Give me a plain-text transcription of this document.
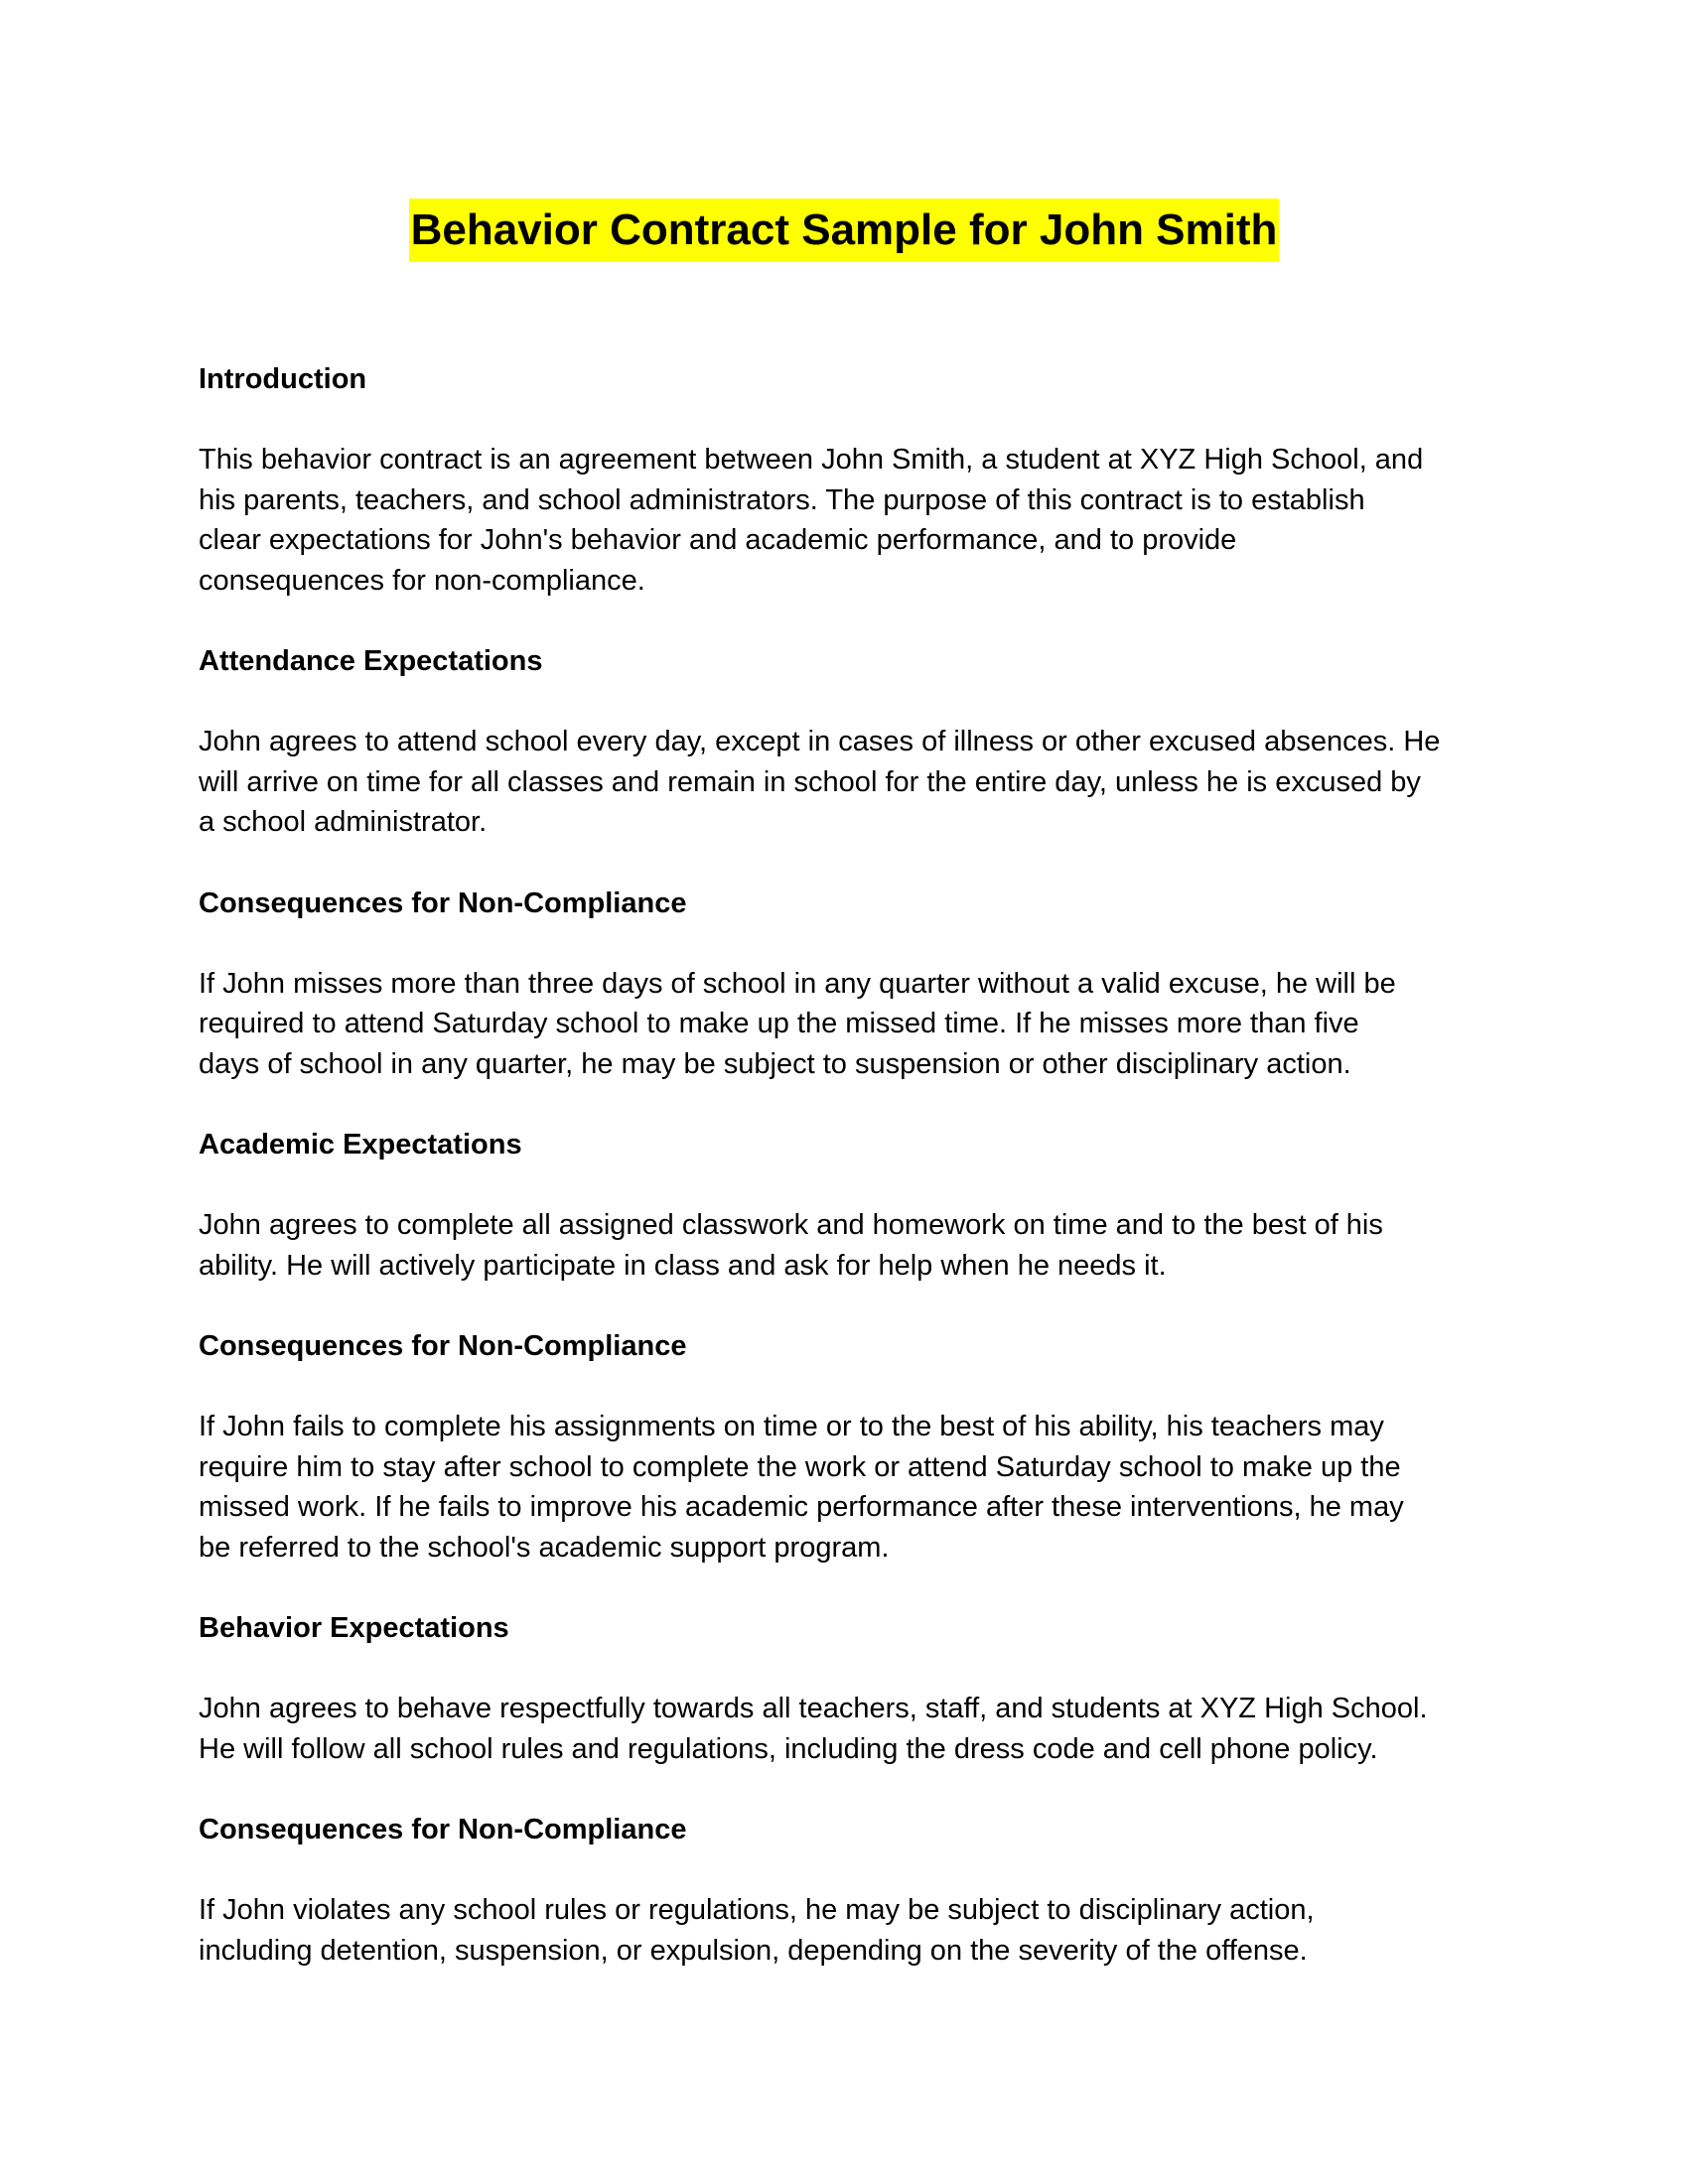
Behavior Contract Sample for John Smith
Introduction
This behavior contract is an agreement between John Smith, a student at XYZ High School, and
his parents, teachers, and school administrators. The purpose of this contract is to establish
clear expectations for John's behavior and academic performance, and to provide
consequences for non-compliance.
Attendance Expectations
John agrees to attend school every day, except in cases of illness or other excused absences. He
will arrive on time for all classes and remain in school for the entire day, unless he is excused by
a school administrator.
Consequences for Non-Compliance
If John misses more than three days of school in any quarter without a valid excuse, he will be
required to attend Saturday school to make up the missed time. If he misses more than five
days of school in any quarter, he may be subject to suspension or other disciplinary action.
Academic Expectations
John agrees to complete all assigned classwork and homework on time and to the best of his
ability. He will actively participate in class and ask for help when he needs it.
Consequences for Non-Compliance
If John fails to complete his assignments on time or to the best of his ability, his teachers may
require him to stay after school to complete the work or attend Saturday school to make up the
missed work. If he fails to improve his academic performance after these interventions, he may
be referred to the school's academic support program.
Behavior Expectations
John agrees to behave respectfully towards all teachers, staff, and students at XYZ High School.
He will follow all school rules and regulations, including the dress code and cell phone policy.
Consequences for Non-Compliance
If John violates any school rules or regulations, he may be subject to disciplinary action,
including detention, suspension, or expulsion, depending on the severity of the offense.
